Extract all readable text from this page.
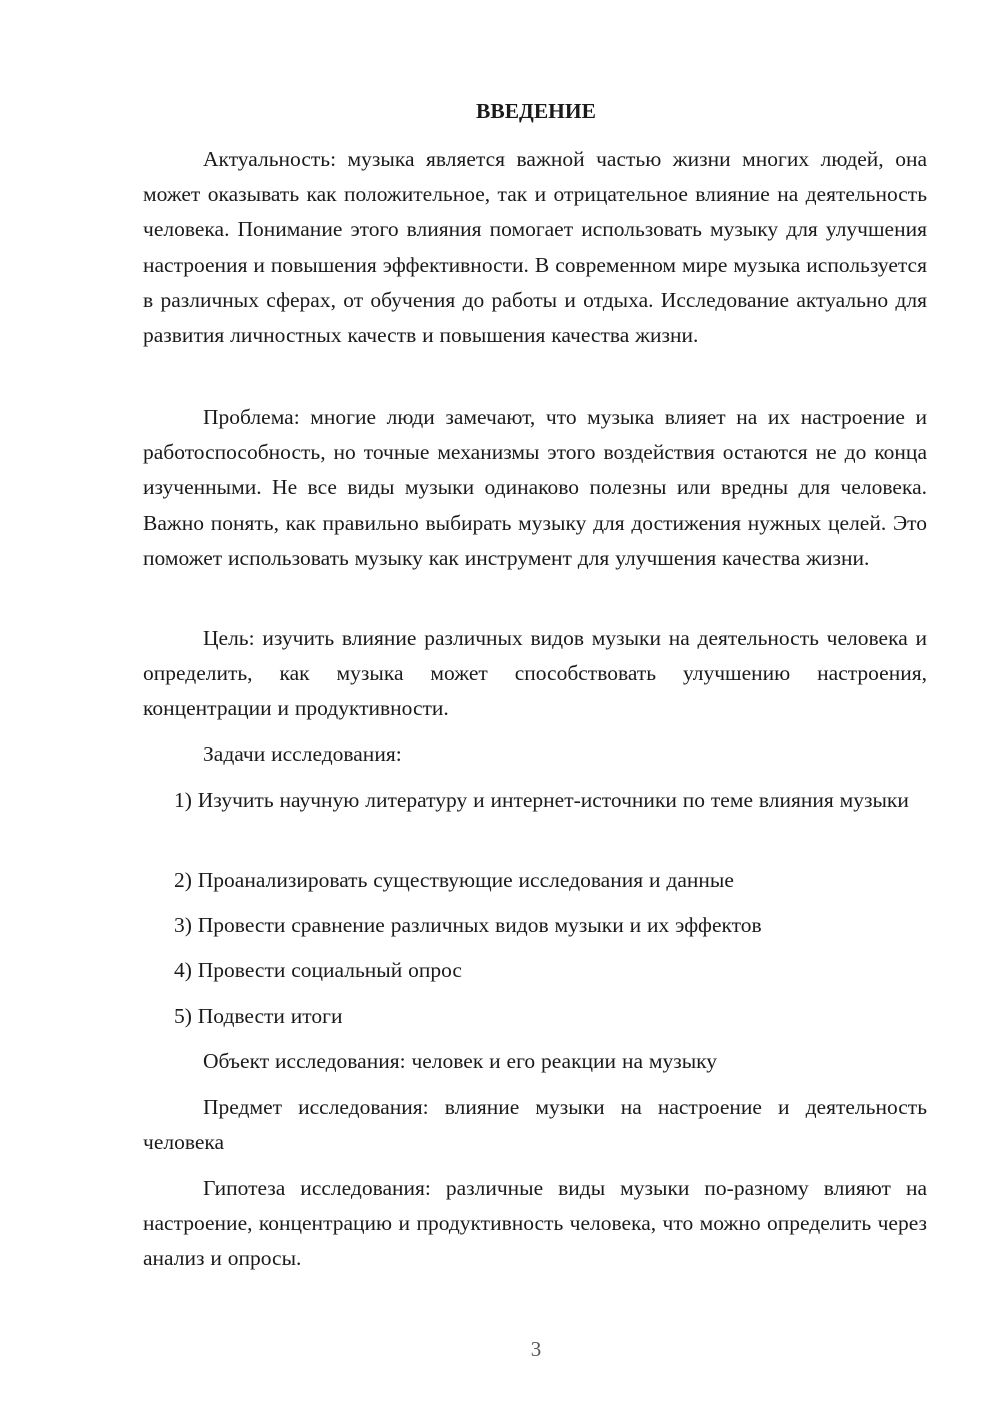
ВВЕДЕНИЕ

Актуальность: музыка является важной частью жизни многих людей, она может оказывать как положительное, так и отрицательное влияние на деятельность человека. Понимание этого влияния помогает использовать музыку для улучшения настроения и повышения эффективности. В современном мире музыка используется в различных сферах, от обучения до работы и отдыха. Исследование актуально для развития личностных качеств и повышения качества жизни.

Проблема: многие люди замечают, что музыка влияет на их настроение и работоспособность, но точные механизмы этого воздействия остаются не до конца изученными. Не все виды музыки одинаково полезны или вредны для человека. Важно понять, как правильно выбирать музыку для достижения нужных целей. Это поможет использовать музыку как инструмент для улучшения качества жизни.

Цель: изучить влияние различных видов музыки на деятельность человека и определить, как музыка может способствовать улучшению настроения, концентрации и продуктивности.

Задачи исследования:

1) Изучить научную литературу и интернет-источники по теме влияния музыки

2) Проанализировать существующие исследования и данные

3) Провести сравнение различных видов музыки и их эффектов

4) Провести социальный опрос

5) Подвести итоги

Объект исследования: человек и его реакции на музыку

Предмет исследования: влияние музыки на настроение и деятельность человека

Гипотеза исследования: различные виды музыки по-разному влияют на настроение, концентрацию и продуктивность человека, что можно определить через анализ и опросы.

3
